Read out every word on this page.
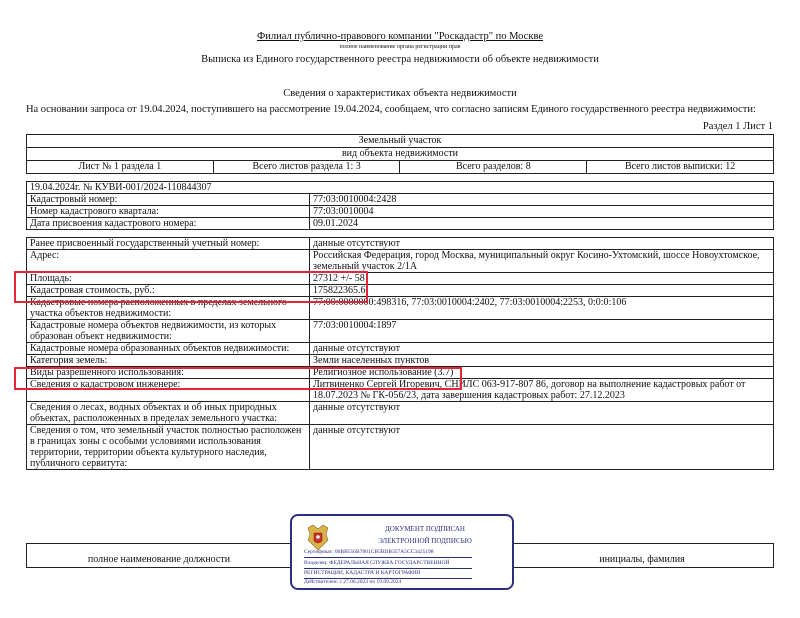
Филиал публично-правового компании "Роскадастр" по Москве
полное наименование органа регистрации прав
Выписка из Единого государственного реестра недвижимости об объекте недвижимости
Сведения о характеристиках объекта недвижимости
На основании запроса от 19.04.2024, поступившего на рассмотрение 19.04.2024, сообщаем, что согласно записям Единого государственного реестра недвижимости:
Раздел 1 Лист 1
Земельный участок
вид объекта недвижимости

Лист № 1 раздела 1	Всего листов раздела 1: 3	Всего разделов: 8	Всего листов выписки: 12
19.04.2024г. № КУВИ-001/2024-110844307
Кадастровый номер:	77:03:0010004:2428
Номер кадастрового квартала:	77:03:0010004
Дата присвоения кадастрового номера:	09.01.2024
Ранее присвоенный государственный учетный номер:	данные отсутствуют
Адрес:	Российская Федерация, город Москва, муниципальный округ Косино-Ухтомский, шоссе Новоухтомское, земельный участок 2/1А
Площадь:	27312 +/- 58
Кадастровая стоимость, руб.:	175822365.6
Кадастровые номера расположенных в пределах земельного участка объектов недвижимости:	77:00:0000000:498316, 77:03:0010004:2402, 77:03:0010004:2253, 0:0:0:106
Кадастровые номера объектов недвижимости, из которых образован объект недвижимости:	77:03:0010004:1897
Кадастровые номера образованных объектов недвижимости:	данные отсутствуют
Категория земель:	Земли населенных пунктов
Виды разрешенного использования:	Религиозное использование (3.7)
Сведения о кадастровом инженере:	Литвиненко Сергей Игоревич, СНИЛС 063-917-807 86, договор на выполнение кадастровых работ от 18.07.2023 № ГК-056/23, дата завершения кадастровых работ: 27.12.2023
Сведения о лесах, водных объектах и об иных природных объектах, расположенных в пределах земельного участка:	данные отсутствуют
Сведения о том, что земельный участок полностью расположен в границах зоны с особыми условиями использования территории, территории объекта культурного наследия, публичного сервитута:	данные отсутствуют
полное наименование должности	инициалы, фамилия
ДОКУМЕНТ ПОДПИСАН
ЭЛЕКТРОННОЙ ПОДПИСЬЮ
Сертификат: 00BB556B7801CB5BDB357A5CC3425198
Владелец: ФЕДЕРАЛЬНАЯ СЛУЖБА ГОСУДАРСТВЕННОЙ
РЕГИСТРАЦИИ, КАДАСТРА И КАРТОГРАФИИ
Действителен: с 27.06.2023 по 19.09.2024
